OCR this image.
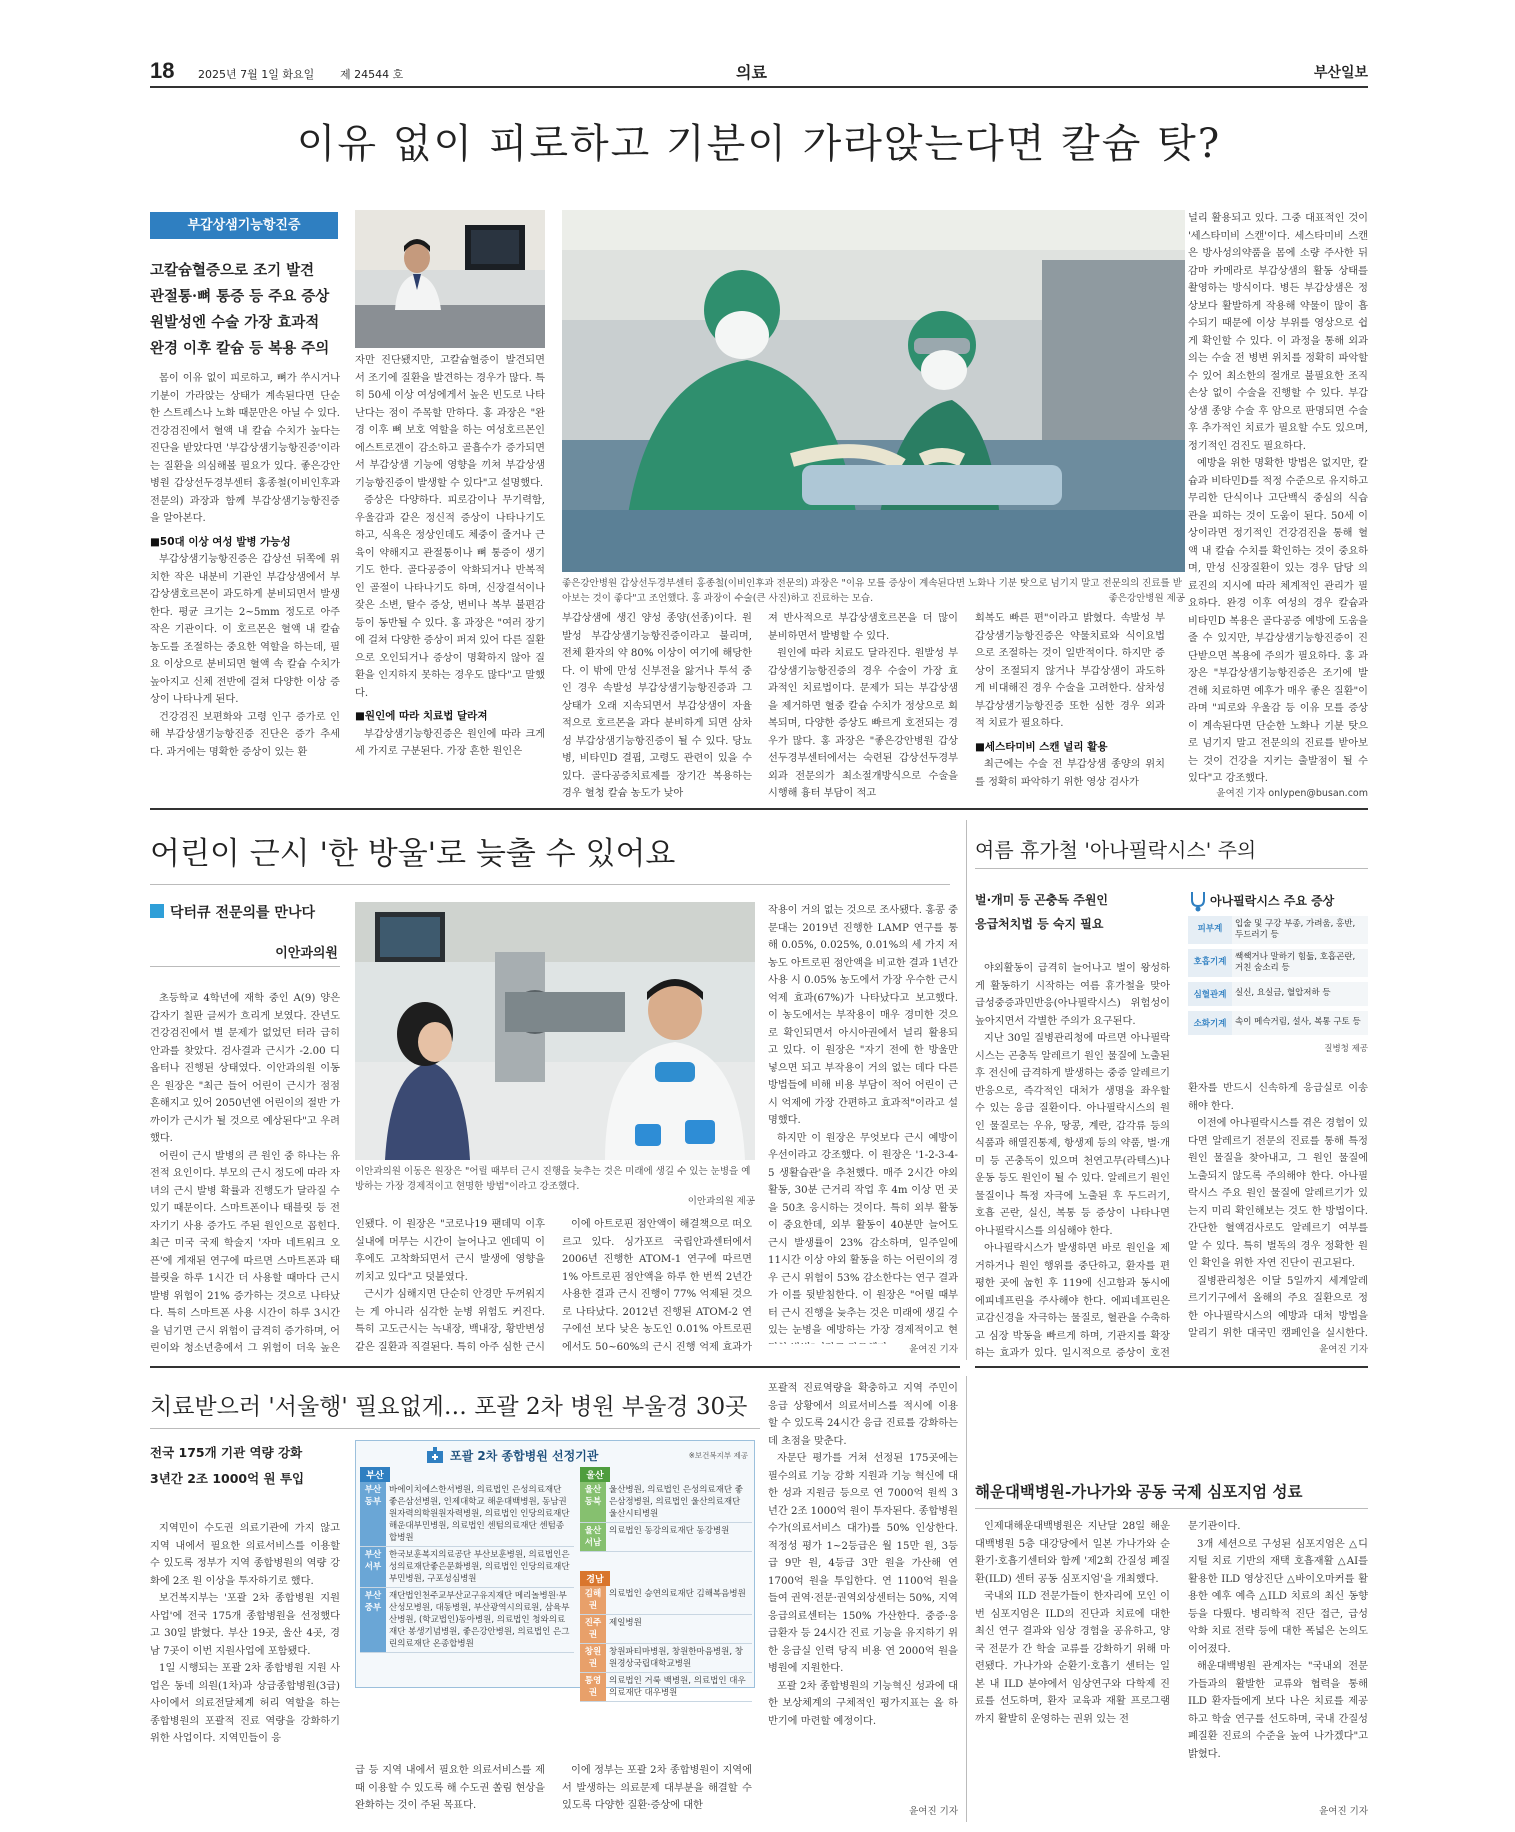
18 2025년 7월 1일 화요일 제 24544 호	의료	부산일보
이유 없이 피로하고 기분이 가라앉는다면 칼슘 탓?
부갑상샘기능항진증
고칼슘혈증으로 조기 발견
관절통·뼈 통증 등 주요 증상
원발성엔 수술 가장 효과적
완경 이후 칼슘 등 복용 주의
좋은강안병원 갑상선두경부센터 홍종철(이비인후과 전문의) 과장은 "이유 모를 증상이 계속된다면 노화나 기분 탓으로 넘기지 말고 전문의의 진료를 받아보는 것이 좋다"고 조언했다. 홍 과장이 수술(큰 사진)하고 진료하는 모습.	좋은강안병원 제공

몸이 이유 없이 피로하고, 뼈가 쑤시거나 기분이 가라앉는 상태가 계속된다면 단순한 스트레스나 노화 때문만은 아닐 수 있다. 건강검진에서 혈액 내 칼슘 수치가 높다는 진단을 받았다면 '부갑상샘기능항진증'이라는 질환을 의심해볼 필요가 있다. 좋은강안병원 갑상선두경부센터 홍종철(이비인후과 전문의) 과장과 함께 부갑상샘기능항진증을 알아본다.

■50대 이상 여성 발병 가능성

부갑상샘기능항진증은 갑상선 뒤쪽에 위치한 작은 내분비 기관인 부갑상샘에서 부갑상샘호르몬이 과도하게 분비되면서 발생한다. 평균 크기는 2~5mm 정도로 아주 작은 기관이다. 이 호르몬은 혈액 내 칼슘 농도를 조절하는 중요한 역할을 하는데, 필요 이상으로 분비되면 혈액 속 칼슘 수치가 높아지고 신체 전반에 걸쳐 다양한 이상 증상이 나타나게 된다.

건강검진 보편화와 고령 인구 증가로 인해 부갑상샘기능항진증 진단은 증가 추세다. 과거에는 명확한 증상이 있는 환

자만 진단됐지만, 고칼슘혈증이 발견되면서 조기에 질환을 발견하는 경우가 많다. 특히 50세 이상 여성에게서 높은 빈도로 나타난다는 점이 주목할 만하다. 홍 과장은 "완경 이후 뼈 보호 역할을 하는 여성호르몬인 에스트로겐이 감소하고 골흡수가 증가되면서 부갑상샘 기능에 영향을 끼쳐 부갑상샘기능항진증이 발생할 수 있다"고 설명했다.

증상은 다양하다. 피로감이나 무기력함, 우울감과 같은 정신적 증상이 나타나기도 하고, 식욕은 정상인데도 체중이 줄거나 근육이 약해지고 관절통이나 뼈 통증이 생기기도 한다. 골다공증이 악화되거나 반복적인 골절이 나타나기도 하며, 신장결석이나 잦은 소변, 탈수 증상, 변비나 복부 불편감 등이 동반될 수 있다. 홍 과장은 "여러 장기에 걸쳐 다양한 증상이 퍼져 있어 다른 질환으로 오인되거나 증상이 명확하지 않아 질환을 인지하지 못하는 경우도 많다"고 말했다.

■원인에 따라 치료법 달라져

부갑상샘기능항진증은 원인에 따라 크게 세 가지로 구분된다. 가장 흔한 원인은

부갑상샘에 생긴 양성 종양(선종)이다. 원발성 부갑상샘기능항진증이라고 불리며, 전체 환자의 약 80% 이상이 여기에 해당한다. 이 밖에 만성 신부전을 앓거나 투석 중인 경우 속발성 부갑상샘기능항진증과 그 상태가 오래 지속되면서 부갑상샘이 자율적으로 호르몬을 과다 분비하게 되면 삼차성 부갑상샘기능항진증이 될 수 있다. 당뇨병, 비타민D 결핍, 고령도 관련이 있을 수 있다. 골다공증치료제를 장기간 복용하는 경우 혈청 칼슘 농도가 낮아

져 반사적으로 부갑상샘호르몬을 더 많이 분비하면서 발병할 수 있다.

원인에 따라 치료도 달라진다. 원발성 부갑상샘기능항진증의 경우 수술이 가장 효과적인 치료법이다. 문제가 되는 부갑상샘을 제거하면 혈중 칼슘 수치가 정상으로 회복되며, 다양한 증상도 빠르게 호전되는 경우가 많다. 홍 과장은 "좋은강안병원 갑상선두경부센터에서는 숙련된 갑상선두경부외과 전문의가 최소절개방식으로 수술을 시행해 흉터 부담이 적고

회복도 빠른 편"이라고 밝혔다. 속발성 부갑상샘기능항진증은 약물치료와 식이요법으로 조절하는 것이 일반적이다. 하지만 증상이 조절되지 않거나 부갑상샘이 과도하게 비대해진 경우 수술을 고려한다. 삼차성 부갑상샘기능항진증 또한 심한 경우 외과적 치료가 필요하다.

■세스타미비 스캔 널리 활용

최근에는 수술 전 부갑상샘 종양의 위치를 정확히 파악하기 위한 영상 검사가

널리 활용되고 있다. 그중 대표적인 것이 '세스타미비 스캔'이다. 세스타미비 스캔은 방사성의약품을 몸에 소량 주사한 뒤 감마 카메라로 부갑상샘의 활동 상태를 촬영하는 방식이다. 병든 부갑상샘은 정상보다 활발하게 작용해 약물이 많이 흡수되기 때문에 이상 부위를 영상으로 쉽게 확인할 수 있다. 이 과정을 통해 외과의는 수술 전 병변 위치를 정확히 파악할 수 있어 최소한의 절개로 불필요한 조직 손상 없이 수술을 진행할 수 있다. 부갑상샘 종양 수술 후 암으로 판명되면 수술 후 추가적인 치료가 필요할 수도 있으며, 정기적인 검진도 필요하다.

예방을 위한 명확한 방법은 없지만, 칼슘과 비타민D를 적정 수준으로 유지하고 무리한 단식이나 고단백식 중심의 식습관을 피하는 것이 도움이 된다. 50세 이상이라면 정기적인 건강검진을 통해 혈액 내 칼슘 수치를 확인하는 것이 중요하며, 만성 신장질환이 있는 경우 담당 의료진의 지시에 따라 체계적인 관리가 필요하다. 완경 이후 여성의 경우 칼슘과 비타민D 복용은 골다공증 예방에 도움을 줄 수 있지만, 부갑상샘기능항진증이 진단받으면 복용에 주의가 필요하다. 홍 과장은 "부갑상샘기능항진증은 조기에 발견해 치료하면 예후가 매우 좋은 질환"이라며 "피로와 우울감 등 이유 모를 증상이 계속된다면 단순한 노화나 기분 탓으로 넘기지 말고 전문의의 진료를 받아보는 것이 건강을 지키는 출발점이 될 수 있다"고 강조했다.

윤여진 기자 onlypen@busan.com
어린이 근시 '한 방울'로 늦출 수 있어요
닥터큐 전문의를 만나다
이안과의원
이안과의원 이동은 원장은 "어릴 때부터 근시 진행을 늦추는 것은 미래에 생길 수 있는 눈병을 예방하는 가장 경제적이고 현명한 방법"이라고 강조했다.
이안과의원 제공

초등학교 4학년에 재학 중인 A(9) 양은 갑자기 칠판 글씨가 흐리게 보였다. 잔년도 건강검진에서 별 문제가 없었던 터라 급히 안과를 찾았다. 검사결과 근시가 -2.00 디옵터나 진행된 상태였다. 이안과의원 이동은 원장은 "최근 들어 어린이 근시가 점점 흔해지고 있어 2050년엔 어린이의 절반 가까이가 근시가 될 것으로 예상된다"고 우려했다.

어린이 근시 발병의 큰 원인 중 하나는 유전적 요인이다. 부모의 근시 정도에 따라 자녀의 근시 발병 확률과 진행도가 달라질 수 있기 때문이다. 스마트폰이나 태블릿 등 전자기기 사용 증가도 주된 원인으로 꼽힌다. 최근 미국 국제 학술지 '자마 네트워크 오픈'에 게재된 연구에 따르면 스마트폰과 태블릿을 하루 1시간 더 사용할 때마다 근시 발병 위험이 21% 증가하는 것으로 나타났다. 특히 스마트폰 사용 시간이 하루 3시간을 넘기면 근시 위험이 급격히 증가하며, 어린이와 청소년층에서 그 위험이 더욱 높은

인됐다. 이 원장은 "코로나19 팬데믹 이후 실내에 머무는 시간이 늘어나고 엔데믹 이후에도 고착화되면서 근시 발생에 영향을 끼치고 있다"고 덧붙였다.

근시가 심해지면 단순히 안경만 두꺼워지는 게 아니라 심각한 눈병 위험도 커진다. 특히 고도근시는 녹내장, 백내장, 황반변성 같은 질환과 직결된다. 특히 아주 심한 근시

이에 아트로핀 점안액이 해결책으로 떠오르고 있다. 싱가포르 국립안과센터에서 2006년 진행한 ATOM-1 연구에 따르면 1% 아트로핀 점안액을 하루 한 번씩 2년간 사용한 결과 근시 진행이 77% 억제된 것으로 나타났다. 2012년 진행된 ATOM-2 연구에선 보다 낮은 농도인 0.01% 아트로핀에서도 50~60%의 근시 진행 억제 효과가

작용이 거의 없는 것으로 조사됐다. 홍콩 중문대는 2019년 진행한 LAMP 연구를 통해 0.05%, 0.025%, 0.01%의 세 가지 저농도 아트로핀 점안액을 비교한 결과 1년간 사용 시 0.05% 농도에서 가장 우수한 근시 억제 효과(67%)가 나타났다고 보고했다. 이 농도에서는 부작용이 매우 경미한 것으로 확인되면서 아시아권에서 널리 활용되고 있다. 이 원장은 "자기 전에 한 방울만 넣으면 되고 부작용이 거의 없는 데다 다른 방법들에 비해 비용 부담이 적어 어린이 근시 억제에 가장 간편하고 효과적"이라고 설명했다.

하지만 이 원장은 무엇보다 근시 예방이 우선이라고 강조했다. 이 원장은 '1-2-3-4-5 생활습관'을 추천했다. 매주 2시간 야외활동, 30분 근거리 작업 후 4m 이상 먼 곳을 50초 응시하는 것이다. 특히 외부 활동이 중요한데, 외부 활동이 40분만 늘어도 근시 발생률이 23% 감소하며, 일주일에 11시간 이상 야외 활동을 하는 어린이의 경우 근시 위험이 53% 감소한다는 연구 결과가 이를 뒷받침한다. 이 원장은 "어릴 때부터 근시 진행을 늦추는 것은 미래에 생길 수 있는 눈병을 예방하는 가장 경제적이고 현

윤여진 기자
여름 휴가철 '아나필락시스' 주의
벌·개미 등 곤충독 주원인
응급처치법 등 숙지 필요
아나필락시스 주요 증상
피부계	입술 및 구강 부종, 가려움, 홍반, 두드러기 등
호흡기계	쌕쌕거나 말하기 힘듦, 호흡곤란, 거친 숨소리 등
심혈관계	실신, 요실금, 혈압저하 등
소화기계	속이 메슥거림, 설사, 복통 구토 등
질병청 제공

야외활동이 급격히 늘어나고 벌이 왕성하게 활동하기 시작하는 여름 휴가철을 맞아 급성중증과민반응(아나필락시스) 위험성이 높아지면서 각별한 주의가 요구된다.

지난 30일 질병관리청에 따르면 아나필락시스는 곤충독 알레르기 원인 물질에 노출된 후 전신에 급격하게 발생하는 중증 알레르기 반응으로, 즉각적인 대처가 생명을 좌우할 수 있는 응급 질환이다. 아나필락시스의 원인 물질로는 우유, 땅콩, 계란, 갑각류 등의 식품과 해열진통제, 항생제 등의 약품, 벌·개미 등 곤충독이 있으며 천연고무(라텍스)나 운동 등도 원인이 될 수 있다. 알레르기 원인 물질이나 특정 자극에 노출된 후 두드러기, 호흡 곤란, 실신, 복통 등 증상이 나타나면 아나필락시스를 의심해야 한다.

아나필락시스가 발생하면 바로 원인을 제거하거나 원인 행위를 중단하고, 환자를 편평한 곳에 눕힌 후 119에 신고함과 동시에 에피네프린을 주사해야 한다. 에피네프린은 교감신경을 자극하는 물질로, 혈관을 수축하고 심장 박동을 빠르게 하며, 기관지를 확장하는 효과가 있다. 일시적으로 증상이 호전

환자를 반드시 신속하게 응급실로 이송해야 한다.

이전에 아나필락시스를 겪은 경험이 있다면 알레르기 전문의 진료를 통해 특정 원인 물질을 찾아내고, 그 원인 물질에 노출되지 않도록 주의해야 한다. 아나필락시스 주요 원인 물질에 알레르기가 있는지 미리 확인해보는 것도 한 방법이다. 간단한 혈액검사로도 알레르기 여부를 알 수 있다. 특히 벌독의 경우 정확한 원인 확인을 위한 자연 진단이 권고된다.

질병관리청은 이달 5일까지 세계알레르기기구에서 올해의 주요 질환으로 정한 아나필락시스의 예방과 대처 방법을 알리기 위한 대국민 캠페인을 실시한다.

윤여진 기자
치료받으러 '서울행' 필요없게… 포괄 2차 병원 부울경 30곳
전국 175개 기관 역량 강화
3년간 2조 1000억 원 투입
포괄 2차 종합병원 선정기관	※보건복지부 제공
부산
부산 동부	바에이치에스한서병원, 의료법인 은성의료재단 좋은삼선병원, 인제대학교 해운대백병원, 동남권원자력의학원원자력병원, 의료법인 인당의료재단 해운대부민병원, 의료법인 센텀의료재단 센텀종합병원
부산 서부	한국보훈복지의료공단 부산보훈병원, 의료법인은성의료재단좋은문화병원, 의료법인 인당의료재단 부민병원, 구포성심병원
부산 중부	재단법인천주교부산교구유지재단 메리놀병원·부산성모병원, 대동병원, 부산광역시의료원, 삼육부산병원, (학교법인)동아병원, 의료법인 청와의료재단 봉생기념병원, 좋은강안병원, 의료법인 은그린의료재단 온종합병원
울산
울산 동북	울산병원, 의료법인 은성의료재단 좋은삼정병원, 의료법인 울산의료재단 울산시티병원
울산 서남	의료법인 동강의료재단 동강병원
경남
김해권	의료법인 승연의료재단 김해복음병원
진주권	제일병원
창원권	창원파티마병원, 창원한마음병원, 창원경상국립대학교병원
통영권	의료법인 거룩 백병원, 의료법인 대우의료재단 대우병원

지역민이 수도권 의료기관에 가지 않고 지역 내에서 필요한 의료서비스를 이용할 수 있도록 정부가 지역 종합병원의 역량 강화에 2조 원 이상을 투자하기로 했다.

보건복지부는 '포괄 2차 종합병원 지원 사업'에 전국 175개 종합병원을 선정했다고 30일 밝혔다. 부산 19곳, 울산 4곳, 경남 7곳이 이번 지원사업에 포함됐다.

1일 시행되는 포괄 2차 종합병원 지원 사업은 동네 의원(1차)과 상급종합병원(3급) 사이에서 의료전달체계 허리 역할을 하는 종합병원의 포괄적 진료 역량을 강화하기 위한 사업이다. 지역민들이 응

급 등 지역 내에서 필요한 의료서비스를 제때 이용할 수 있도록 해 수도권 쏠림 현상을 완화하는 것이 주된 목표다.

이에 정부는 포괄 2차 종합병원이 지역에서 발생하는 의료문제 대부분을 해결할 수 있도록 다양한 질환·증상에 대한

포괄적 진료역량을 확충하고 지역 주민이 응급 상황에서 의료서비스를 적시에 이용할 수 있도록 24시간 응급 진료를 강화하는 데 초점을 맞춘다.

자문단 평가를 거쳐 선정된 175곳에는 필수의료 기능 강화 지원과 기능 혁신에 대한 성과 지원금 등으로 연 7000억 원씩 3년간 2조 1000억 원이 투자된다. 종합병원 수가(의료서비스 대가)를 50% 인상한다. 적정성 평가 1~2등급은 월 15만 원, 3등급 9만 원, 4등급 3만 원을 가산해 연 1700억 원을 투입한다. 연 1100억 원을 들여 권역·전문·권역외상센터는 50%, 지역응급의료센터는 150% 가산한다. 중증·응급환자 등 24시간 진료 기능을 유지하기 위한 응급실 인력 당직 비용 연 2000억 원을 병원에 지원한다.

포괄 2차 종합병원의 기능혁신 성과에 대한 보상체계의 구체적인 평가지표는 올 하반기에 마련할 예정이다.

윤여진 기자
해운대백병원-가나가와 공동 국제 심포지엄 성료

인제대해운대백병원은 지난달 28일 해운대백병원 5층 대강당에서 일본 가나가와 순환기·호흡기센터와 함께 '제2회 간질성 폐질환(ILD) 센터 공동 심포지엄'을 개최했다.

국내외 ILD 전문가들이 한자리에 모인 이번 심포지엄은 ILD의 진단과 치료에 대한 최신 연구 결과와 임상 경험을 공유하고, 양국 전문가 간 학술 교류를 강화하기 위해 마련됐다. 가나가와 순환기·호흡기 센터는 일본 내 ILD 분야에서 임상연구와 다학제 진료를 선도하며, 환자 교육과 재활 프로그램까지 활발히 운영하는 권위 있는 전

문기관이다.

3개 세션으로 구성된 심포지엄은 △디지털 치료 기반의 재택 호흡재활 △AI를 활용한 ILD 영상진단 △바이오마커를 활용한 예후 예측 △ILD 치료의 최신 동향 등을 다뤘다. 병리학적 진단 접근, 급성 악화 치료 전략 등에 대한 폭넓은 논의도 이어졌다.

해운대백병원 관계자는 "국내외 전문가들과의 활발한 교류와 협력을 통해 ILD 환자들에게 보다 나은 치료를 제공하고 학술 연구를 선도하며, 국내 간질성폐질환 진료의 수준을 높여 나가겠다"고 밝혔다.

윤여진 기자
